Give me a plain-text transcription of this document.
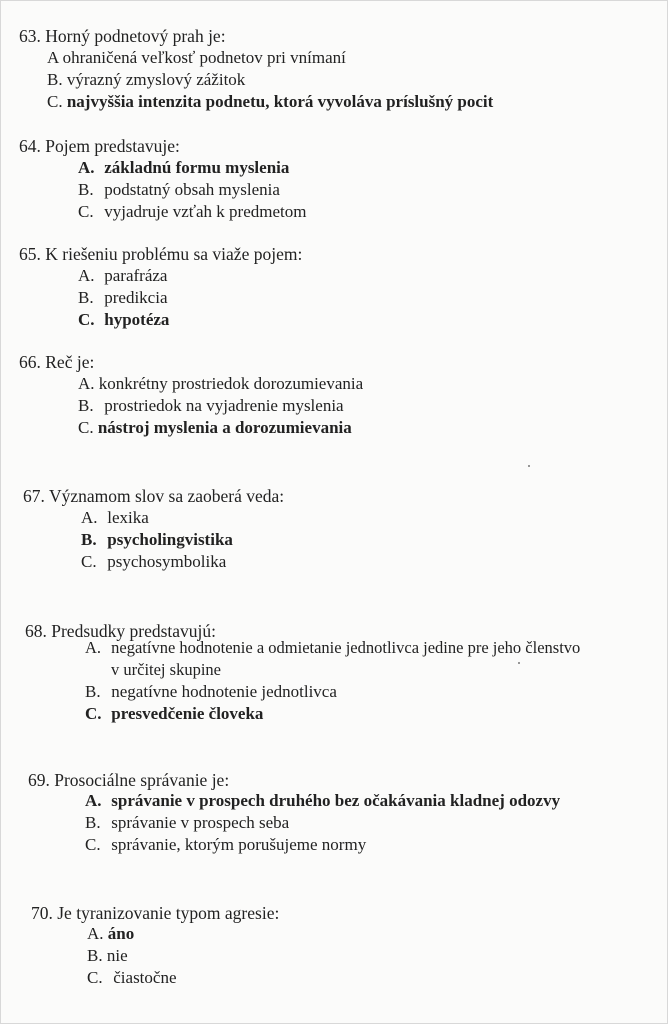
63. Horný podnetový prah je:
A ohraničená veľkosť podnetov pri vnímaní
B. výrazný zmyslový zážitok
C. najvyššia intenzita podnetu, ktorá vyvoláva príslušný pocit
64. Pojem predstavuje:
A. základnú formu myslenia
B. podstatný obsah myslenia
C. vyjadruje vzťah k predmetom
65. K riešeniu problému sa viaže pojem:
A. parafráza
B. predikcia
C. hypotéza
66. Reč je:
A. konkrétny prostriedok dorozumievania
B. prostriedok na vyjadrenie myslenia
C. nástroj myslenia a dorozumievania
67. Významom slov sa zaoberá veda:
A. lexika
B. psycholingvistika
C. psychosymbolika
68. Predsudky predstavujú:
A. negatívne hodnotenie a odmietanie jednotlivca jedine pre jeho členstvo
v určitej skupine
B. negatívne hodnotenie jednotlivca
C. presvedčenie človeka
69. Prosociálne správanie je:
A. správanie v prospech druhého bez očakávania kladnej odozvy
B. správanie v prospech seba
C. správanie, ktorým porušujeme normy
70. Je tyranizovanie typom agresie:
A. áno
B. nie
C. čiastočne
